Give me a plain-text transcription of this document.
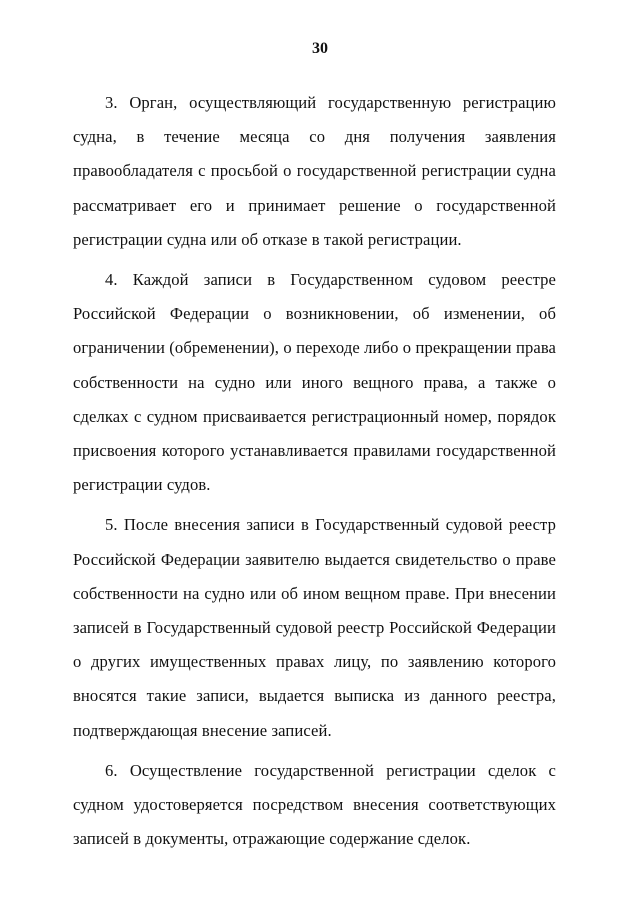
30

3. Орган, осуществляющий государственную регистрацию судна, в течение месяца со дня получения заявления правообладателя с просьбой о государственной регистрации судна рассматривает его и принимает решение о государственной регистрации судна или об отказе в такой регистрации.

4. Каждой записи в Государственном судовом реестре Российской Федерации о возникновении, об изменении, об ограничении (обременении), о переходе либо о прекращении права собственности на судно или иного вещного права, а также о сделках с судном присваивается регистрационный номер, порядок присвоения которого устанавливается правилами государственной регистрации судов.

5. После внесения записи в Государственный судовой реестр Российской Федерации заявителю выдается свидетельство о праве собственности на судно или об ином вещном праве. При внесении записей в Государственный судовой реестр Российской Федерации о других имущественных правах лицу, по заявлению которого вносятся такие записи, выдается выписка из данного реестра, подтверждающая внесение записей.

6. Осуществление государственной регистрации сделок с судном удостоверяется посредством внесения соответствующих записей в документы, отражающие содержание сделок.
